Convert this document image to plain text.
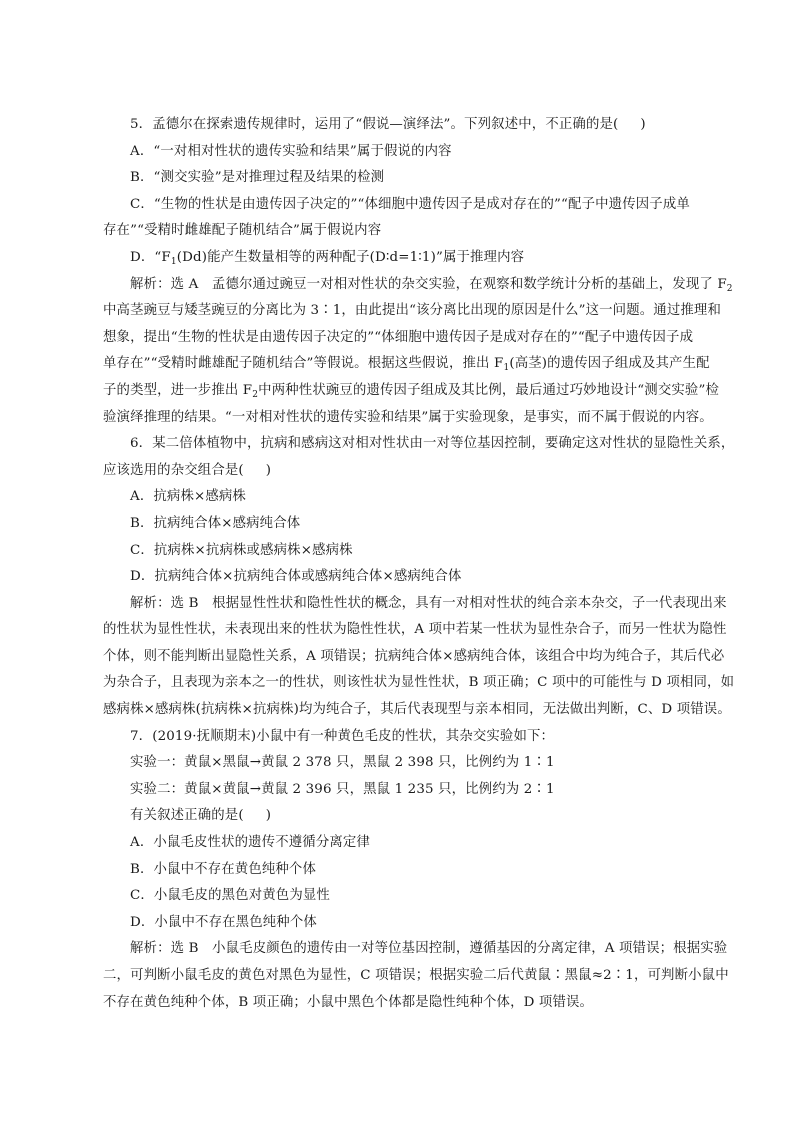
5．孟德尔在探索遗传规律时，运用了“假说—演绎法”。下列叙述中，不正确的是( )
A．“一对相对性状的遗传实验和结果”属于假说的内容
B．“测交实验”是对推理过程及结果的检测
C．“生物的性状是由遗传因子决定的”“体细胞中遗传因子是成对存在的”“配子中遗传因子成单
存在”“受精时雌雄配子随机结合”属于假说内容
D．“$F_1(Dd)$能产生数量相等的两种配子(D∶d=1∶1)”属于推理内容
解析：选 A　孟德尔通过豌豆一对相对性状的杂交实验，在观察和数学统计分析的基础上，发现了 $F_2$
中高茎豌豆与矮茎豌豆的分离比为 3∶1，由此提出“该分离比出现的原因是什么”这一问题。通过推理和
想象，提出“生物的性状是由遗传因子决定的”“体细胞中遗传因子是成对存在的”“配子中遗传因子成
单存在”“受精时雌雄配子随机结合”等假说。根据这些假说，推出 $F_1$(高茎)的遗传因子组成及其产生配
子的类型，进一步推出 $F_2$中两种性状豌豆的遗传因子组成及其比例，最后通过巧妙地设计“测交实验”检
验演绎推理的结果。“一对相对性状的遗传实验和结果”属于实验现象，是事实，而不属于假说的内容。
6．某二倍体植物中，抗病和感病这对相对性状由一对等位基因控制，要确定这对性状的显隐性关系，
应该选用的杂交组合是( )
A．抗病株×感病株
B．抗病纯合体×感病纯合体
C．抗病株×抗病株或感病株×感病株
D．抗病纯合体×抗病纯合体或感病纯合体×感病纯合体
解析：选 B　根据显性性状和隐性性状的概念，具有一对相对性状的纯合亲本杂交，子一代表现出来
的性状为显性性状，未表现出来的性状为隐性性状，A 项中若某一性状为显性杂合子，而另一性状为隐性
个体，则不能判断出显隐性关系，A 项错误；抗病纯合体×感病纯合体，该组合中均为纯合子，其后代必
为杂合子，且表现为亲本之一的性状，则该性状为显性性状，B 项正确；C 项中的可能性与 D 项相同，如
感病株×感病株(抗病株×抗病株)均为纯合子，其后代表现型与亲本相同，无法做出判断，C、D 项错误。
7．(2019·抚顺期末)小鼠中有一种黄色毛皮的性状，其杂交实验如下：
实验一：黄鼠×黑鼠→黄鼠 2 378 只，黑鼠 2 398 只，比例约为 1∶1
实验二：黄鼠×黄鼠→黄鼠 2 396 只，黑鼠 1 235 只，比例约为 2∶1
有关叙述正确的是( )
A．小鼠毛皮性状的遗传不遵循分离定律
B．小鼠中不存在黄色纯种个体
C．小鼠毛皮的黑色对黄色为显性
D．小鼠中不存在黑色纯种个体
解析：选 B　小鼠毛皮颜色的遗传由一对等位基因控制，遵循基因的分离定律，A 项错误；根据实验
二，可判断小鼠毛皮的黄色对黑色为显性，C 项错误；根据实验二后代黄鼠∶黑鼠≈2∶1，可判断小鼠中
不存在黄色纯种个体，B 项正确；小鼠中黑色个体都是隐性纯种个体，D 项错误。
